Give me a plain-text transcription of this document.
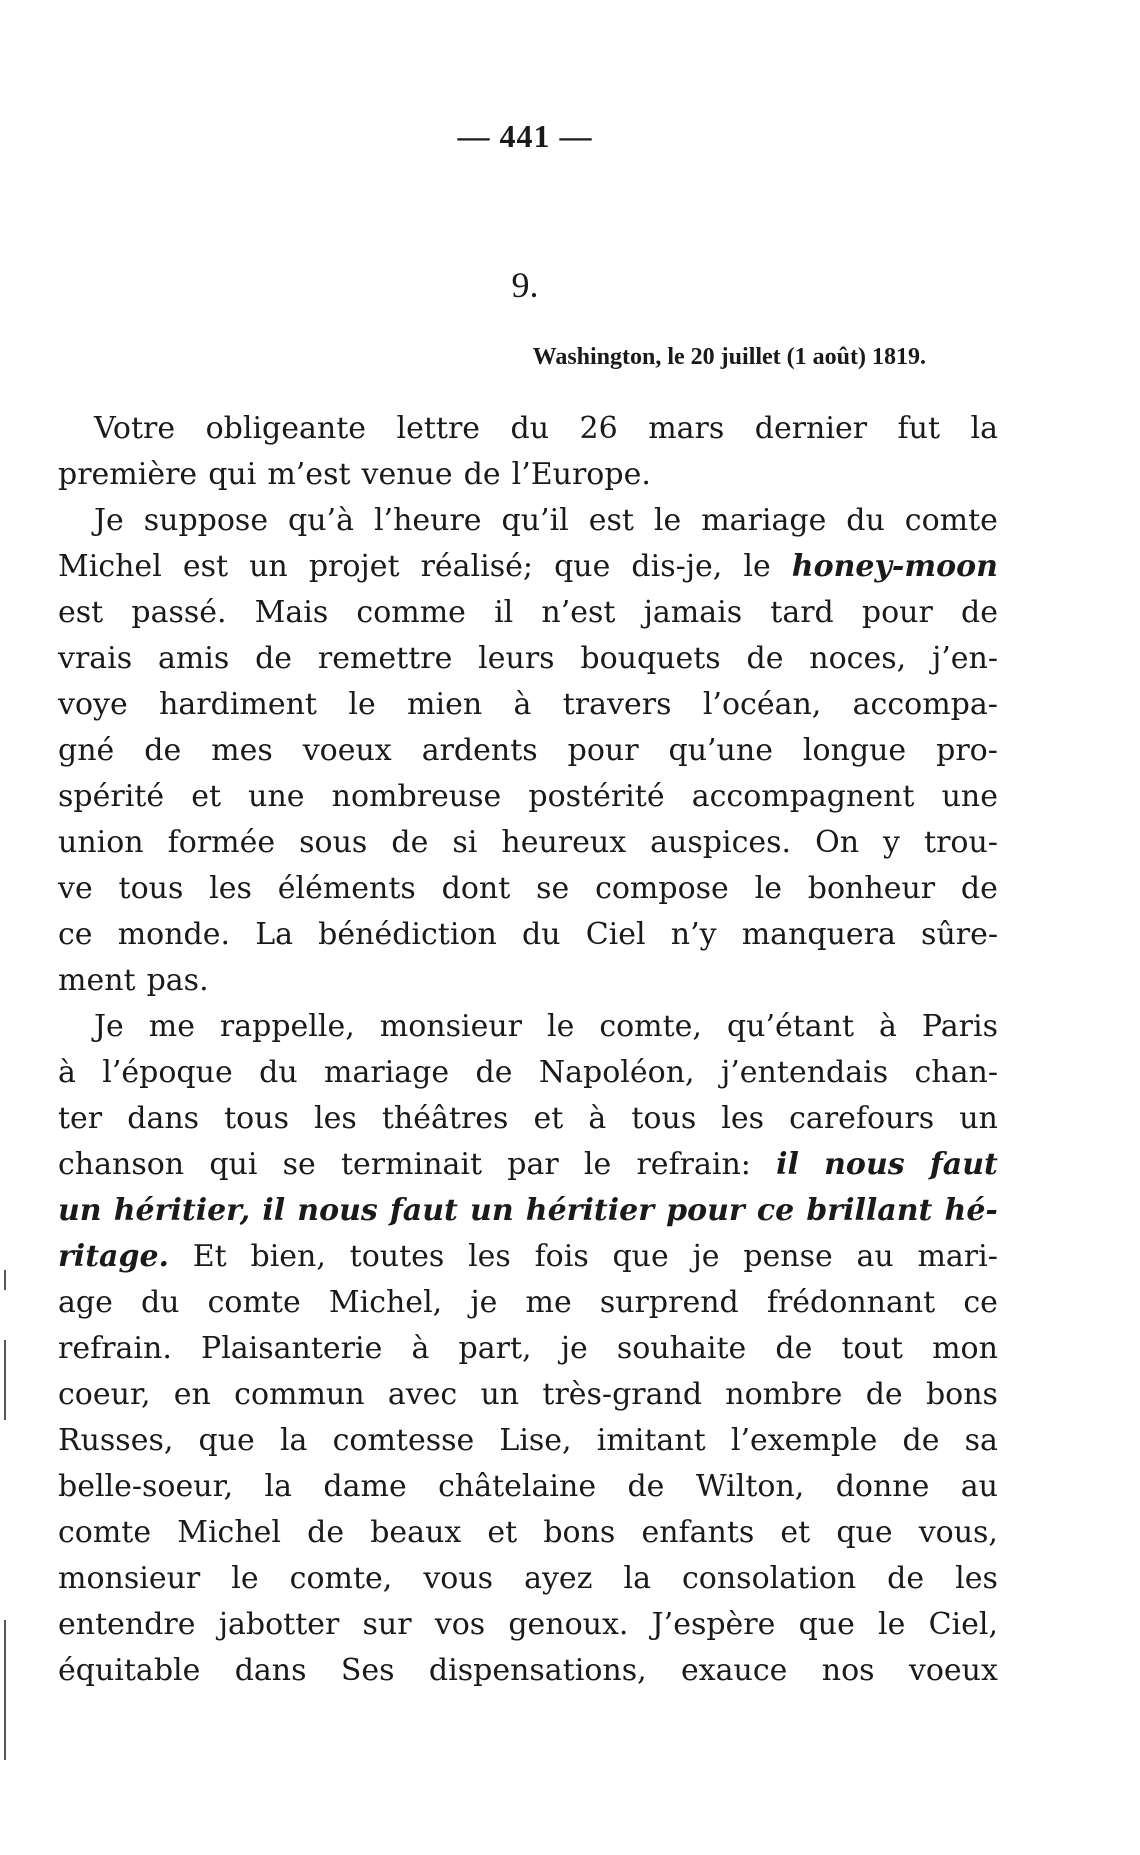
— 441 —
9.
Washington, le 20 juillet (1 août) 1819.
Votre obligeante lettre du 26 mars dernier fut la
première qui m’est venue de l’Europe.
Je suppose qu’à l’heure qu’il est le mariage du comte
Michel est un projet réalisé; que dis-je, le honey-moon
est passé. Mais comme il n’est jamais tard pour de
vrais amis de remettre leurs bouquets de noces, j’en-
voye hardiment le mien à travers l’océan, accompa-
gné de mes voeux ardents pour qu’une longue pro-
spérité et une nombreuse postérité accompagnent une
union formée sous de si heureux auspices. On y trou-
ve tous les éléments dont se compose le bonheur de
ce monde. La bénédiction du Ciel n’y manquera sûre-
ment pas.
Je me rappelle, monsieur le comte, qu’étant à Paris
à l’époque du mariage de Napoléon, j’entendais chan-
ter dans tous les théâtres et à tous les carefours un
chanson qui se terminait par le refrain: il nous faut
un héritier, il nous faut un héritier pour ce brillant hé-
ritage. Et bien, toutes les fois que je pense au mari-
age du comte Michel, je me surprend frédonnant ce
refrain. Plaisanterie à part, je souhaite de tout mon
coeur, en commun avec un très-grand nombre de bons
Russes, que la comtesse Lise, imitant l’exemple de sa
belle-soeur, la dame châtelaine de Wilton, donne au
comte Michel de beaux et bons enfants et que vous,
monsieur le comte, vous ayez la consolation de les
entendre jabotter sur vos genoux. J’espère que le Ciel,
équitable dans Ses dispensations, exauce nos voeux
